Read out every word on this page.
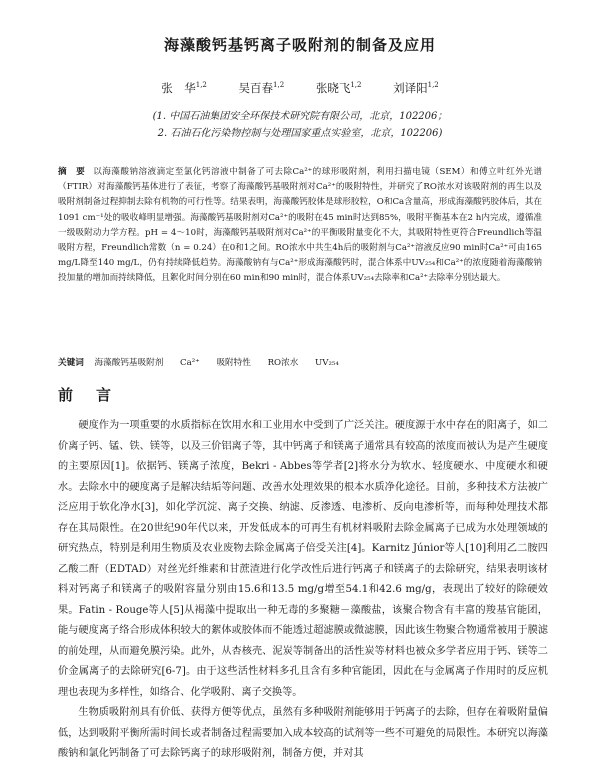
海藻酸钙基钙离子吸附剂的制备及应用
张　华$^{1,2}$	吴百春$^{1,2}$	张晓飞$^{1,2}$	刘译阳$^{1,2}$
(1. 中国石油集团安全环保技术研究院有限公司，北京，102206；
2. 石油石化污染物控制与处理国家重点实验室，北京，102206)
摘　要 以海藻酸钠溶液滴定至氯化钙溶液中制备了可去除Ca²⁺的球形吸附剂，利用扫描电镜（SEM）和傅立叶红外光谱（FTIR）对海藻酸钙基体进行了表征，考察了海藻酸钙基吸附剂对Ca²⁺的吸附特性，并研究了RO浓水对该吸附剂的再生以及吸附剂制备过程抑制去除有机物的可行性等。结果表明，海藻酸钙胶体是球形胶粒，O和Ca含量高，形成海藻酸钙胶体后，其在1091 cm⁻¹处的吸收峰明显增强。海藻酸钙基吸附剂对Ca²⁺的吸附在45 min时达到85%，吸附平衡基本在2 h内完成，遵循准一级吸附动力学方程。pH = 4～10时，海藻酸钙基吸附剂对Ca²⁺的平衡吸附量变化不大，其吸附特性更符合Freundlich等温吸附方程，Freundlich常数（n = 0.24）在0和1之间。RO浓水中共生4h后的吸附剂与Ca²⁺溶液反应90 min时Ca²⁺可由165 mg/L降至140 mg/L，仍有持续降低趋势。海藻酸钠有与Ca²⁺形成海藻酸钙时，混合体系中UV₂₅₄和Ca²⁺的浓度随着海藻酸钠投加量的增加而持续降低，且絮化时间分别在60 min和90 min时，混合体系UV₂₅₄去除率和Ca²⁺去除率分别达最大。
关键词 海藻酸钙基吸附剂 Ca²⁺ 吸附特性 RO浓水 UV₂₅₄
前　言

硬度作为一项重要的水质指标在饮用水和工业用水中受到了广泛关注。硬度源于水中存在的阳离子，如二价离子钙、锰、铁、镁等，以及三价铝离子等，其中钙离子和镁离子通常具有较高的浓度而被认为是产生硬度的主要原因[1]。依据钙、镁离子浓度，Bekri - Abbes等学者[2]将水分为软水、轻度硬水、中度硬水和硬水。去除水中的硬度离子是解决结垢等问题、改善水处理效果的根本水质净化途径。目前，多种技术方法被广泛应用于软化净水[3]，如化学沉淀、离子交换、纳滤、反渗透、电渗析、反向电渗析等，而每种处理技术都存在其局限性。在20世纪90年代以来，开发低成本的可再生有机材料吸附去除金属离子已成为水处理领域的研究热点，特别是利用生物质及农业废物去除金属离子倍受关注[4]。Karnitz Júnior等人[10]利用乙二胺四乙酸二酐（EDTAD）对丝光纤维素和甘蔗渣进行化学改性后进行钙离子和镁离子的去除研究，结果表明该材料对钙离子和镁离子的吸附容量分别由15.6和13.5 mg/g增至54.1和42.6 mg/g，表现出了较好的除硬效果。Fatin - Rouge等人[5]从褐藻中提取出一种无毒的多聚糖－藻酸盐，该聚合物含有丰富的羧基官能团，能与硬度离子络合形成体积较大的絮体或胶体而不能透过超滤膜或微滤膜，因此该生物聚合物通常被用于膜滤的前处理，从而避免膜污染。此外，从杏核壳、泥炭等制备出的活性炭等材料也被众多学者应用于钙、镁等二价金属离子的去除研究[6-7]。由于这些活性材料多孔且含有多种官能团，因此在与金属离子作用时的反应机理也表现为多样性，如络合、化学吸附、离子交换等。

生物质吸附剂具有价低、获得方便等优点，虽然有多种吸附剂能够用于钙离子的去除，但存在着吸附量偏低，达到吸附平衡所需时间长或者制备过程需要加入成本较高的试剂等一些不可避免的局限性。本研究以海藻酸钠和氯化钙制备了可去除钙离子的球形吸附剂，制备方便，并对其
